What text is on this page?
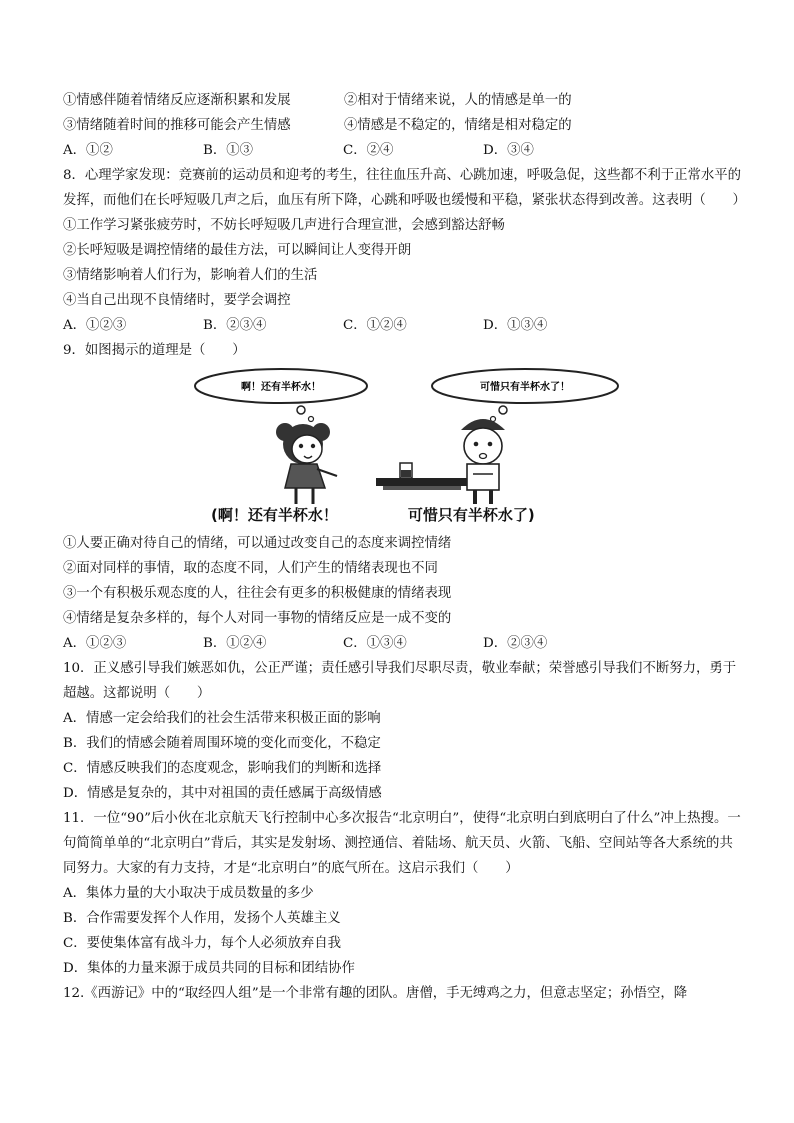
①情感伴随着情绪反应逐渐积累和发展	②相对于情绪来说，人的情感是单一的
③情绪随着时间的推移可能会产生情感	④情感是不稳定的，情绪是相对稳定的
A．①②	B．①③	C．②④	D．③④
8．心理学家发现：竞赛前的运动员和迎考的考生，往往血压升高、心跳加速，呼吸急促，这些都不利于正常水平的发挥，而他们在长呼短吸几声之后，血压有所下降，心跳和呼吸也缓慢和平稳，紧张状态得到改善。这表明（　　）
①工作学习紧张疲劳时，不妨长呼短吸几声进行合理宣泄，会感到豁达舒畅
②长呼短吸是调控情绪的最佳方法，可以瞬间让人变得开朗
③情绪影响着人们行为，影响着人们的生活
④当自己出现不良情绪时，要学会调控
A．①②③	B．②③④	C．①②④	D．①③④
9．如图揭示的道理是（　　）
啊！还有半杯水！	可惜只有半杯水了！
(啊！还有半杯水！	可惜只有半杯水了)
①人要正确对待自己的情绪，可以通过改变自己的态度来调控情绪
②面对同样的事情，取的态度不同，人们产生的情绪表现也不同
③一个有积极乐观态度的人，往往会有更多的积极健康的情绪表现
④情绪是复杂多样的，每个人对同一事物的情绪反应是一成不变的
A．①②③	B．①②④	C．①③④	D．②③④
10．正义感引导我们嫉恶如仇，公正严谨；责任感引导我们尽职尽责，敬业奉献；荣誉感引导我们不断努力，勇于超越。这都说明（　　）
A．情感一定会给我们的社会生活带来积极正面的影响
B．我们的情感会随着周围环境的变化而变化，不稳定
C．情感反映我们的态度观念，影响我们的判断和选择
D．情感是复杂的，其中对祖国的责任感属于高级情感
11．一位“90”后小伙在北京航天飞行控制中心多次报告“北京明白”，使得“北京明白到底明白了什么”冲上热搜。一句简简单单的“北京明白”背后，其实是发射场、测控通信、着陆场、航天员、火箭、飞船、空间站等各大系统的共同努力。大家的有力支持，才是“北京明白”的底气所在。这启示我们（　　）
A．集体力量的大小取决于成员数量的多少
B．合作需要发挥个人作用，发扬个人英雄主义
C．要使集体富有战斗力，每个人必须放弃自我
D．集体的力量来源于成员共同的目标和团结协作
12.《西游记》中的“取经四人组”是一个非常有趣的团队。唐僧，手无缚鸡之力，但意志坚定；孙悟空，降
